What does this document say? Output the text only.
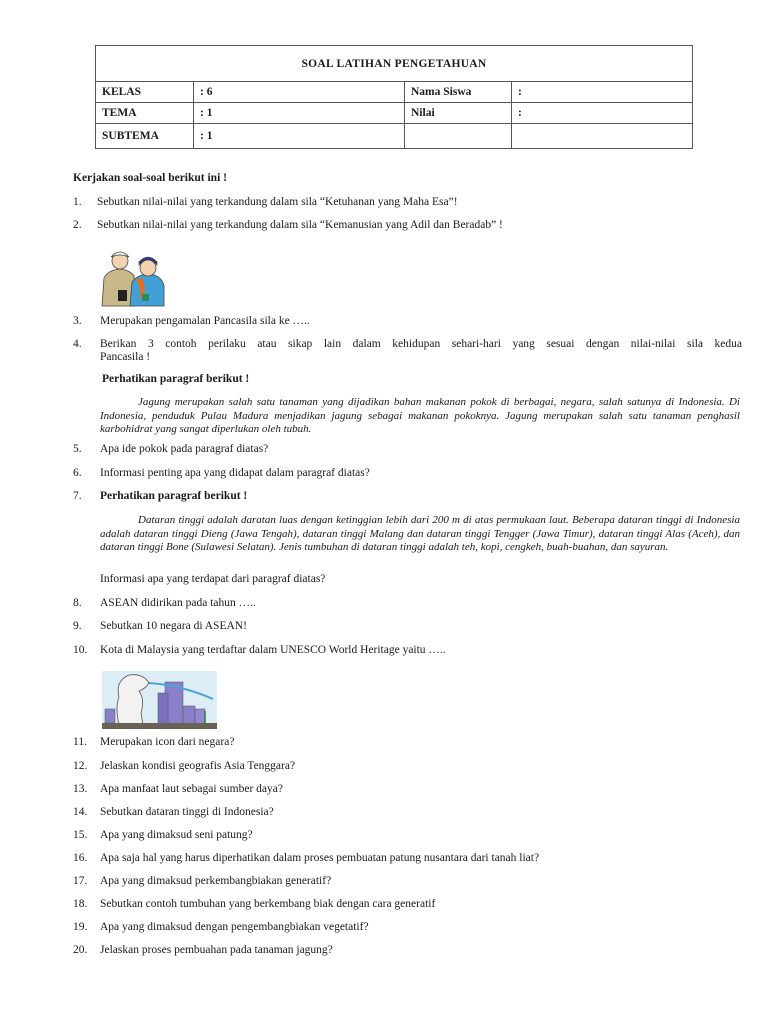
SOAL LATIHAN PENGETAHUAN			
KELAS	: 6	Nama Siswa	:
TEMA	: 1	Nilai	:
SUBTEMA	: 1		
Kerjakan soal-soal berikut ini !
1. Sebutkan nilai-nilai yang terkandung dalam sila “Ketuhanan yang Maha Esa”!
2. Sebutkan nilai-nilai yang terkandung dalam sila “Kemanusian yang Adil dan Beradab” !
3. Merupakan pengamalan Pancasila sila ke …..
4. Berikan 3 contoh perilaku atau sikap lain dalam kehidupan sehari-hari yang sesuai dengan nilai-nilai sila kedua
Pancasila !
Perhatikan paragraf berikut !
Jagung merupakan salah satu tanaman yang dijadikan bahan makanan pokok di berbagai, negara, salah satunya di Indonesia. Di Indonesia, penduduk Pulau Madura menjadikan jagung sebagai makanan pokoknya. Jagung merupakan salah satu tanaman penghasil karbohidrat yang sangat diperlukan oleh tubuh.
5. Apa ide pokok pada paragraf diatas?
6. Informasi penting apa yang didapat dalam paragraf diatas?
7. Perhatikan paragraf berikut !
Dataran tinggi adalah daratan luas dengan ketinggian lebih dari 200 m di atas permukaan laut. Beberapa dataran tinggi di Indonesia adalah dataran tinggi Dieng (Jawa Tengah), dataran tinggi Malang dan dataran tinggi Tengger (Jawa Timur), dataran tinggi Alas (Aceh), dan dataran tinggi Bone (Sulawesi Selatan). Jenis tumbuhan di dataran tinggi adalah teh, kopi, cengkeh, buah-buahan, dan sayuran.
Informasi apa yang terdapat dari paragraf diatas?
8. ASEAN didirikan pada tahun …..
9. Sebutkan 10 negara di ASEAN!
10. Kota di Malaysia yang terdaftar dalam UNESCO World Heritage yaitu …..
11. Merupakan icon dari negara?
12. Jelaskan kondisi geografis Asia Tenggara?
13. Apa manfaat laut sebagai sumber daya?
14. Sebutkan dataran tinggi di Indonesia?
15. Apa yang dimaksud seni patung?
16. Apa saja hal yang harus diperhatikan dalam proses pembuatan patung nusantara dari tanah liat?
17. Apa yang dimaksud perkembangbiakan generatif?
18. Sebutkan contoh tumbuhan yang berkembang biak dengan cara generatif
19. Apa yang dimaksud dengan pengembangbiakan vegetatif?
20. Jelaskan proses pembuahan pada tanaman jagung?
